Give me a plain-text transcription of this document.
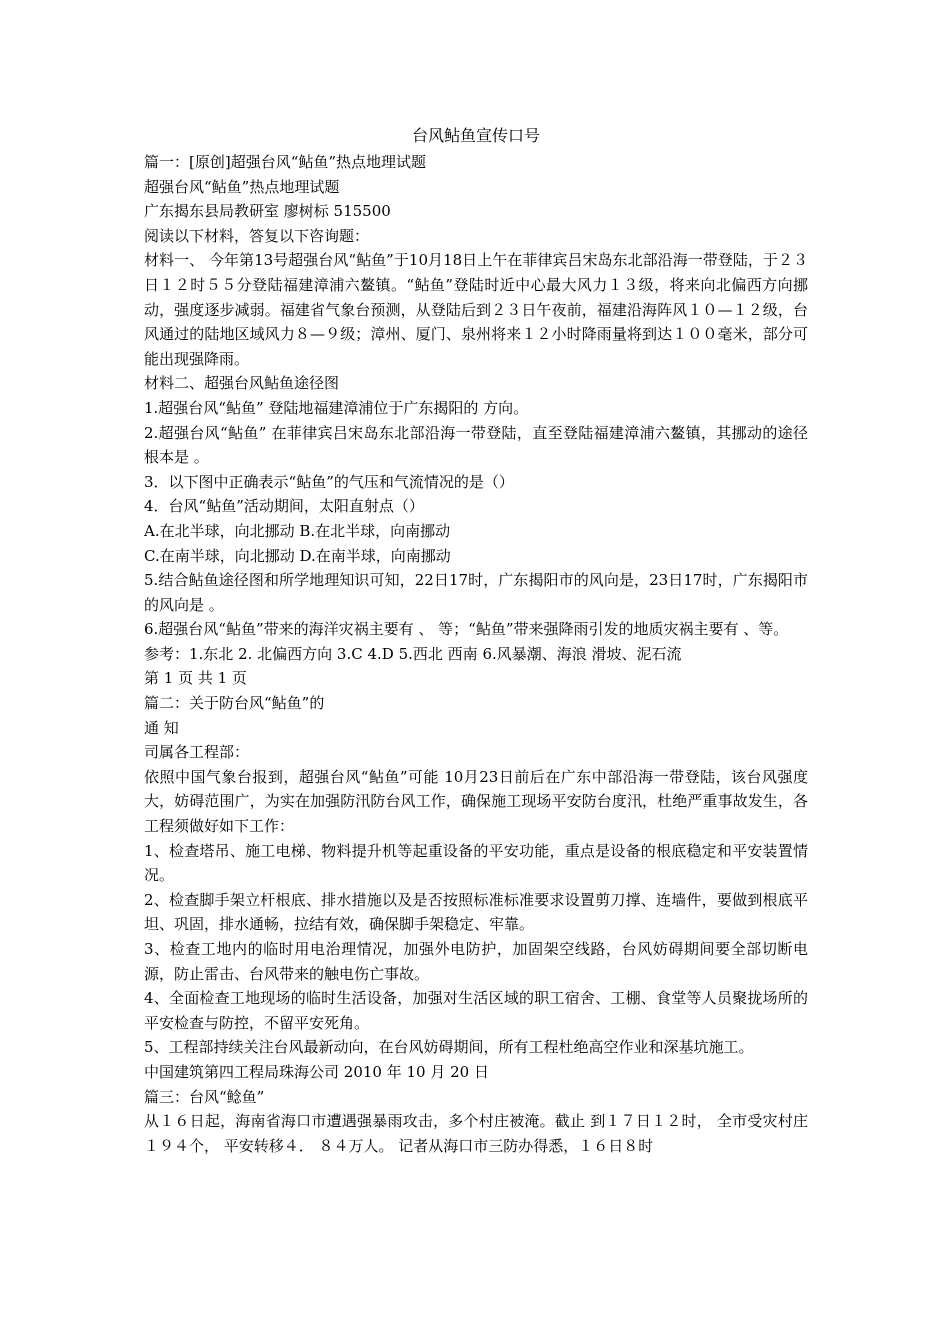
台风鲇鱼宣传口号

篇一：[原创]超强台风“鲇鱼”热点地理试题

超强台风“鲇鱼”热点地理试题

广东揭东县局教研室 廖树标 515500

阅读以下材料，答复以下咨询题：

材料一、 今年第13号超强台风“鲇鱼”于10月18日上午在菲律宾吕宋岛东北部沿海一带登陆，于２３日１２时５５分登陆福建漳浦六鳌镇。“鲇鱼”登陆时近中心最大风力１３级，将来向北偏西方向挪动，强度逐步减弱。福建省气象台预测，从登陆后到２３日午夜前，福建沿海阵风１０—１２级，台风通过的陆地区域风力８—９级；漳州、厦门、泉州将来１２小时降雨量将到达１００毫米，部分可能出现强降雨。

材料二、超强台风鲇鱼途径图

1.超强台风“鲇鱼” 登陆地福建漳浦位于广东揭阳的 方向。

2.超强台风“鲇鱼” 在菲律宾吕宋岛东北部沿海一带登陆，直至登陆福建漳浦六鳌镇，其挪动的途径根本是 。

3．以下图中正确表示“鲇鱼”的气压和气流情况的是（）

4．台风“鲇鱼”活动期间，太阳直射点（）

A.在北半球，向北挪动 B.在北半球，向南挪动

C.在南半球，向北挪动 D.在南半球，向南挪动

5.结合鲇鱼途径图和所学地理知识可知，22日17时，广东揭阳市的风向是，23日17时，广东揭阳市的风向是 。

6.超强台风“鲇鱼”带来的海洋灾祸主要有 、 等；“鲇鱼”带来强降雨引发的地质灾祸主要有 、等。

参考：1.东北 2. 北偏西方向 3.C 4.D 5.西北 西南 6.风暴潮、海浪 滑坡、泥石流

第 1 页 共 1 页

篇二：关于防台风“鲇鱼”的

通 知

司属各工程部：

依照中国气象台报到，超强台风“鲇鱼”可能 10月23日前后在广东中部沿海一带登陆，该台风强度大，妨碍范围广，为实在加强防汛防台风工作，确保施工现场平安防台度汛，杜绝严重事故发生，各工程须做好如下工作：

1、检查塔吊、施工电梯、物料提升机等起重设备的平安功能，重点是设备的根底稳定和平安装置情况。

2、检查脚手架立杆根底、排水措施以及是否按照标准标准要求设置剪刀撑、连墙件，要做到根底平坦、巩固，排水通畅，拉结有效，确保脚手架稳定、牢靠。

3、检查工地内的临时用电治理情况，加强外电防护，加固架空线路，台风妨碍期间要全部切断电源，防止雷击、台风带来的触电伤亡事故。

4、全面检查工地现场的临时生活设备，加强对生活区域的职工宿舍、工棚、食堂等人员聚拢场所的平安检查与防控，不留平安死角。

5、工程部持续关注台风最新动向，在台风妨碍期间，所有工程杜绝高空作业和深基坑施工。

中国建筑第四工程局珠海公司 2010 年 10 月 20 日

篇三：台风“鲶鱼”

从１６日起，海南省海口市遭遇强暴雨攻击，多个村庄被淹。截止 到１７日１２时， 全市受灾村庄１９４个， 平安转移４． ８４万人。 记者从海口市三防办得悉，１６日８时
